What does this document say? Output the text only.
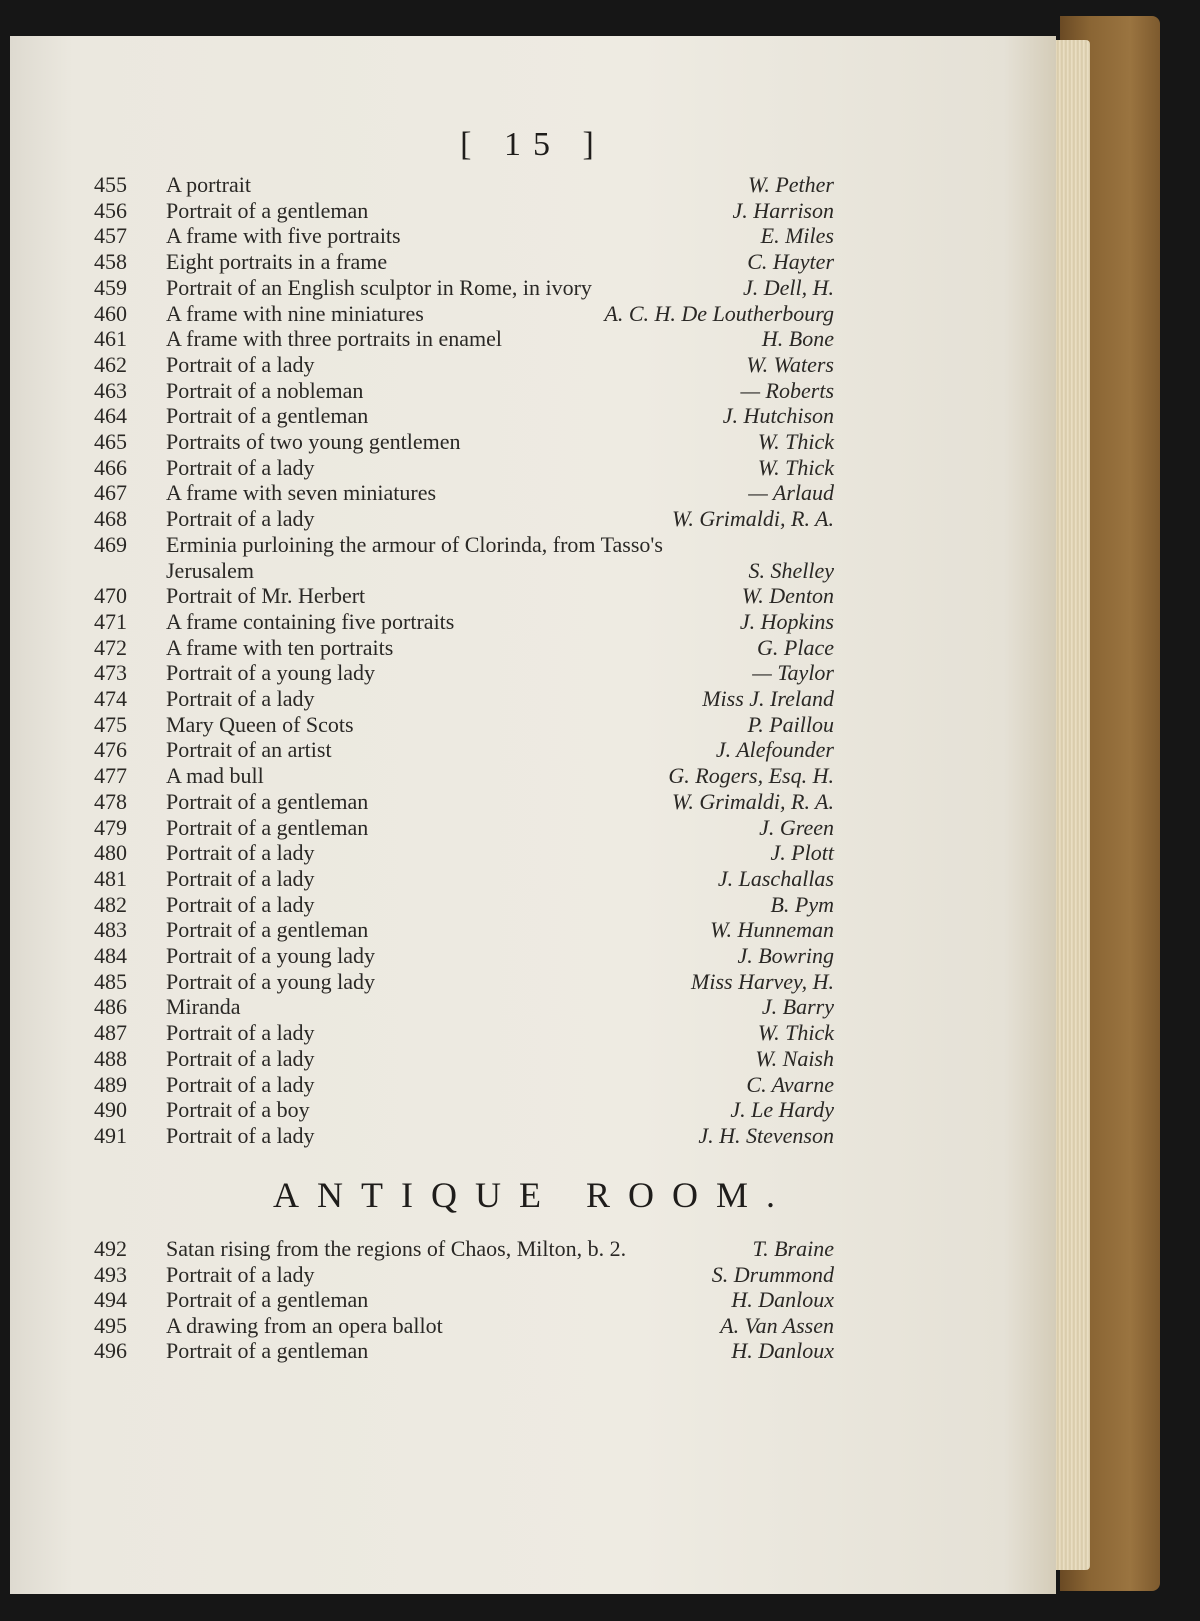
[ 15 ]
455	A portrait	W. Pether
456	Portrait of a gentleman	J. Harrison
457	A frame with five portraits	E. Miles
458	Eight portraits in a frame	C. Hayter
459	Portrait of an English sculptor in Rome, in ivory	J. Dell, H.
460	A frame with nine miniatures	A. C. H. De Loutherbourg
461	A frame with three portraits in enamel	H. Bone
462	Portrait of a lady	W. Waters
463	Portrait of a nobleman	— Roberts
464	Portrait of a gentleman	J. Hutchison
465	Portraits of two young gentlemen	W. Thick
466	Portrait of a lady	W. Thick
467	A frame with seven miniatures	— Arlaud
468	Portrait of a lady	W. Grimaldi, R. A.
469	Erminia purloining the armour of Clorinda, from Tasso's
Jerusalem	S. Shelley
470	Portrait of Mr. Herbert	W. Denton
471	A frame containing five portraits	J. Hopkins
472	A frame with ten portraits	G. Place
473	Portrait of a young lady	— Taylor
474	Portrait of a lady	Miss J. Ireland
475	Mary Queen of Scots	P. Paillou
476	Portrait of an artist	J. Alefounder
477	A mad bull	G. Rogers, Esq. H.
478	Portrait of a gentleman	W. Grimaldi, R. A.
479	Portrait of a gentleman	J. Green
480	Portrait of a lady	J. Plott
481	Portrait of a lady	J. Laschallas
482	Portrait of a lady	B. Pym
483	Portrait of a gentleman	W. Hunneman
484	Portrait of a young lady	J. Bowring
485	Portrait of a young lady	Miss Harvey, H.
486	Miranda	J. Barry
487	Portrait of a lady	W. Thick
488	Portrait of a lady	W. Naish
489	Portrait of a lady	C. Avarne
490	Portrait of a boy	J. Le Hardy
491	Portrait of a lady	J. H. Stevenson
ANTIQUE ROOM.
492	Satan rising from the regions of Chaos, Milton, b. 2.	T. Braine
493	Portrait of a lady	S. Drummond
494	Portrait of a gentleman	H. Danloux
495	A drawing from an opera ballot	A. Van Assen
496	Portrait of a gentleman	H. Danloux
